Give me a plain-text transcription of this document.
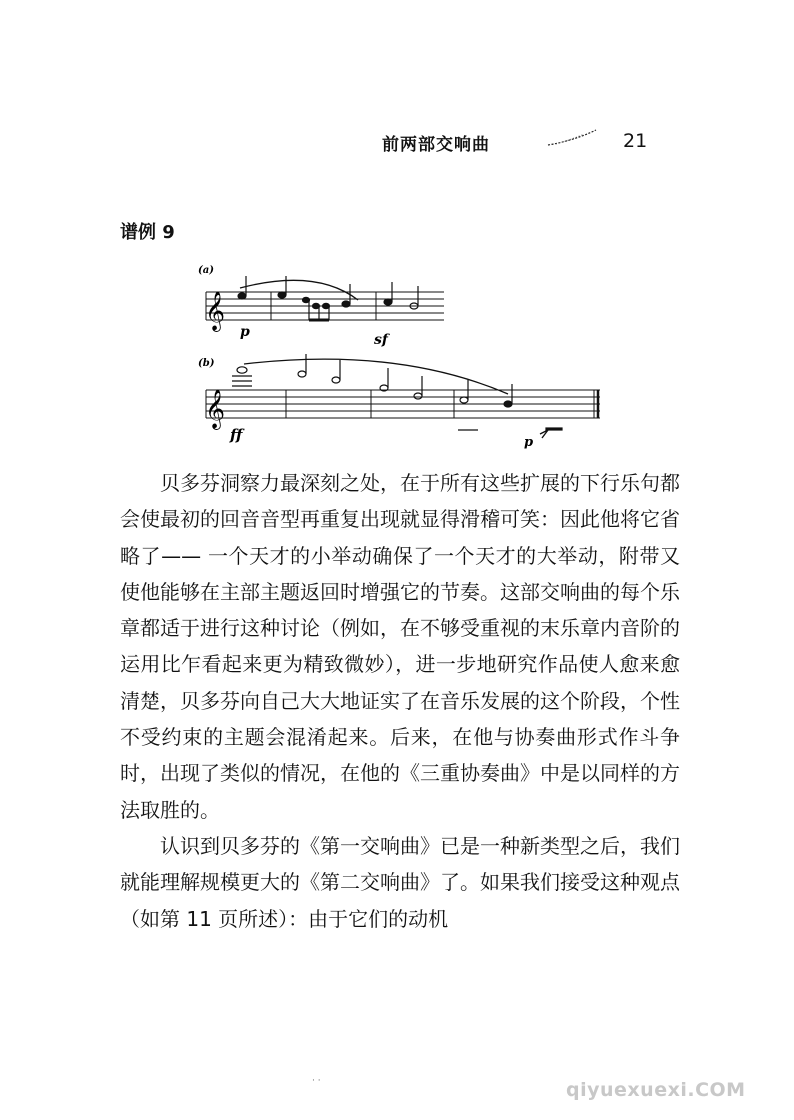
前两部交响曲	21
谱例 9
(a)
𝄞
p	sf
(b)
𝄞
ff	p

贝多芬洞察力最深刻之处，在于所有这些扩展的下行乐句都会使最初的回音音型再重复出现就显得滑稽可笑：因此他将它省略了—— 一个天才的小举动确保了一个天才的大举动，附带又使他能够在主部主题返回时增强它的节奏。这部交响曲的每个乐章都适于进行这种讨论（例如，在不够受重视的末乐章内音阶的运用比乍看起来更为精致微妙），进一步地研究作品使人愈来愈清楚，贝多芬向自己大大地证实了在音乐发展的这个阶段，个性不受约束的主题会混淆起来。后来，在他与协奏曲形式作斗争时，出现了类似的情况，在他的《三重协奏曲》中是以同样的方法取胜的。

认识到贝多芬的《第一交响曲》已是一种新类型之后，我们就能理解规模更大的《第二交响曲》了。如果我们接受这种观点（如第 11 页所述）：由于它们的动机

· ·	qiyuexuexi.COM
